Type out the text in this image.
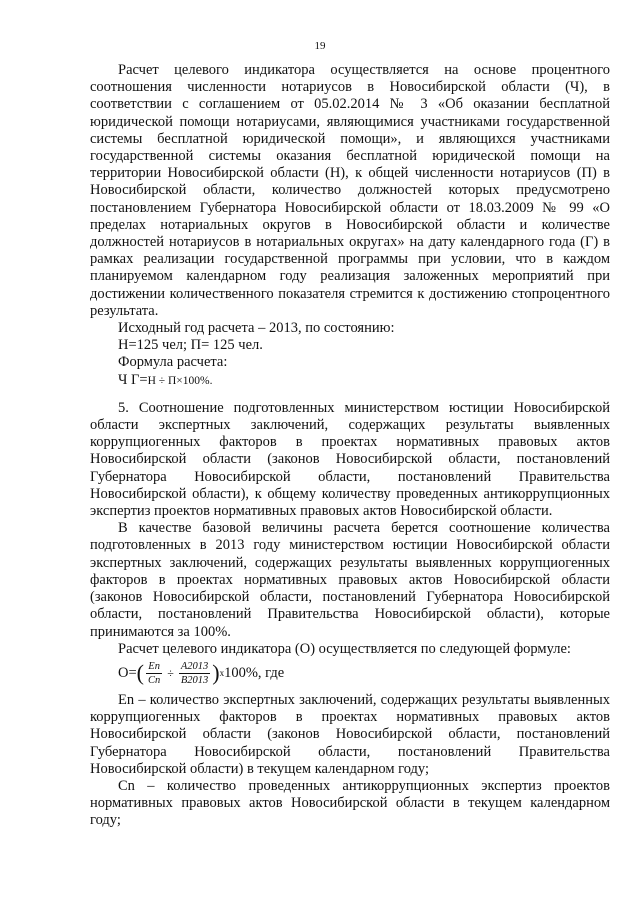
19

Расчет целевого индикатора осуществляется на основе процентного соотношения численности нотариусов в Новосибирской области (Ч), в соответствии с соглашением от 05.02.2014 № 3 «Об оказании бесплатной юридической помощи нотариусами, являющимися участниками государственной системы бесплатной юридической помощи», и являющихся участниками государственной системы оказания бесплатной юридической помощи на территории Новосибирской области (Н), к общей численности нотариусов (П) в Новосибирской области, количество должностей которых предусмотрено постановлением Губернатора Новосибирской области от 18.03.2009 № 99 «О пределах нотариальных округов в Новосибирской области и количестве должностей нотариусов в нотариальных округах» на дату календарного года (Г) в рамках реализации государственной программы при условии, что в каждом планируемом календарном году реализация заложенных мероприятий при достижении количественного показателя стремится к достижению стопроцентного результата.

Исходный год расчета – 2013, по состоянию:

Н=125 чел; П= 125 чел.

Формула расчета:

Ч Г=Н ÷ П×100%.

5. Соотношение подготовленных министерством юстиции Новосибирской области экспертных заключений, содержащих результаты выявленных коррупциогенных факторов в проектах нормативных правовых актов Новосибирской области (законов Новосибирской области, постановлений Губернатора Новосибирской области, постановлений Правительства Новосибирской области), к общему количеству проведенных антикоррупционных экспертиз проектов нормативных правовых актов Новосибирской области.

В качестве базовой величины расчета берется соотношение количества подготовленных в 2013 году министерством юстиции Новосибирской области экспертных заключений, содержащих результаты выявленных коррупциогенных факторов в проектах нормативных правовых актов Новосибирской области (законов Новосибирской области, постановлений Губернатора Новосибирской области, постановлений Правительства Новосибирской области), которые принимаются за 100%.

Расчет целевого индикатора (О) осуществляется по следующей формуле:

О= ( $\frac{En}{Cn} \div \frac{A2013}{B2013}$ ) x 100%, где

En – количество экспертных заключений, содержащих результаты выявленных коррупциогенных факторов в проектах нормативных правовых актов Новосибирской области (законов Новосибирской области, постановлений Губернатора Новосибирской области, постановлений Правительства Новосибирской области) в текущем календарном году;

Cn – количество проведенных антикоррупционных экспертиз проектов нормативных правовых актов Новосибирской области в текущем календарном году;
